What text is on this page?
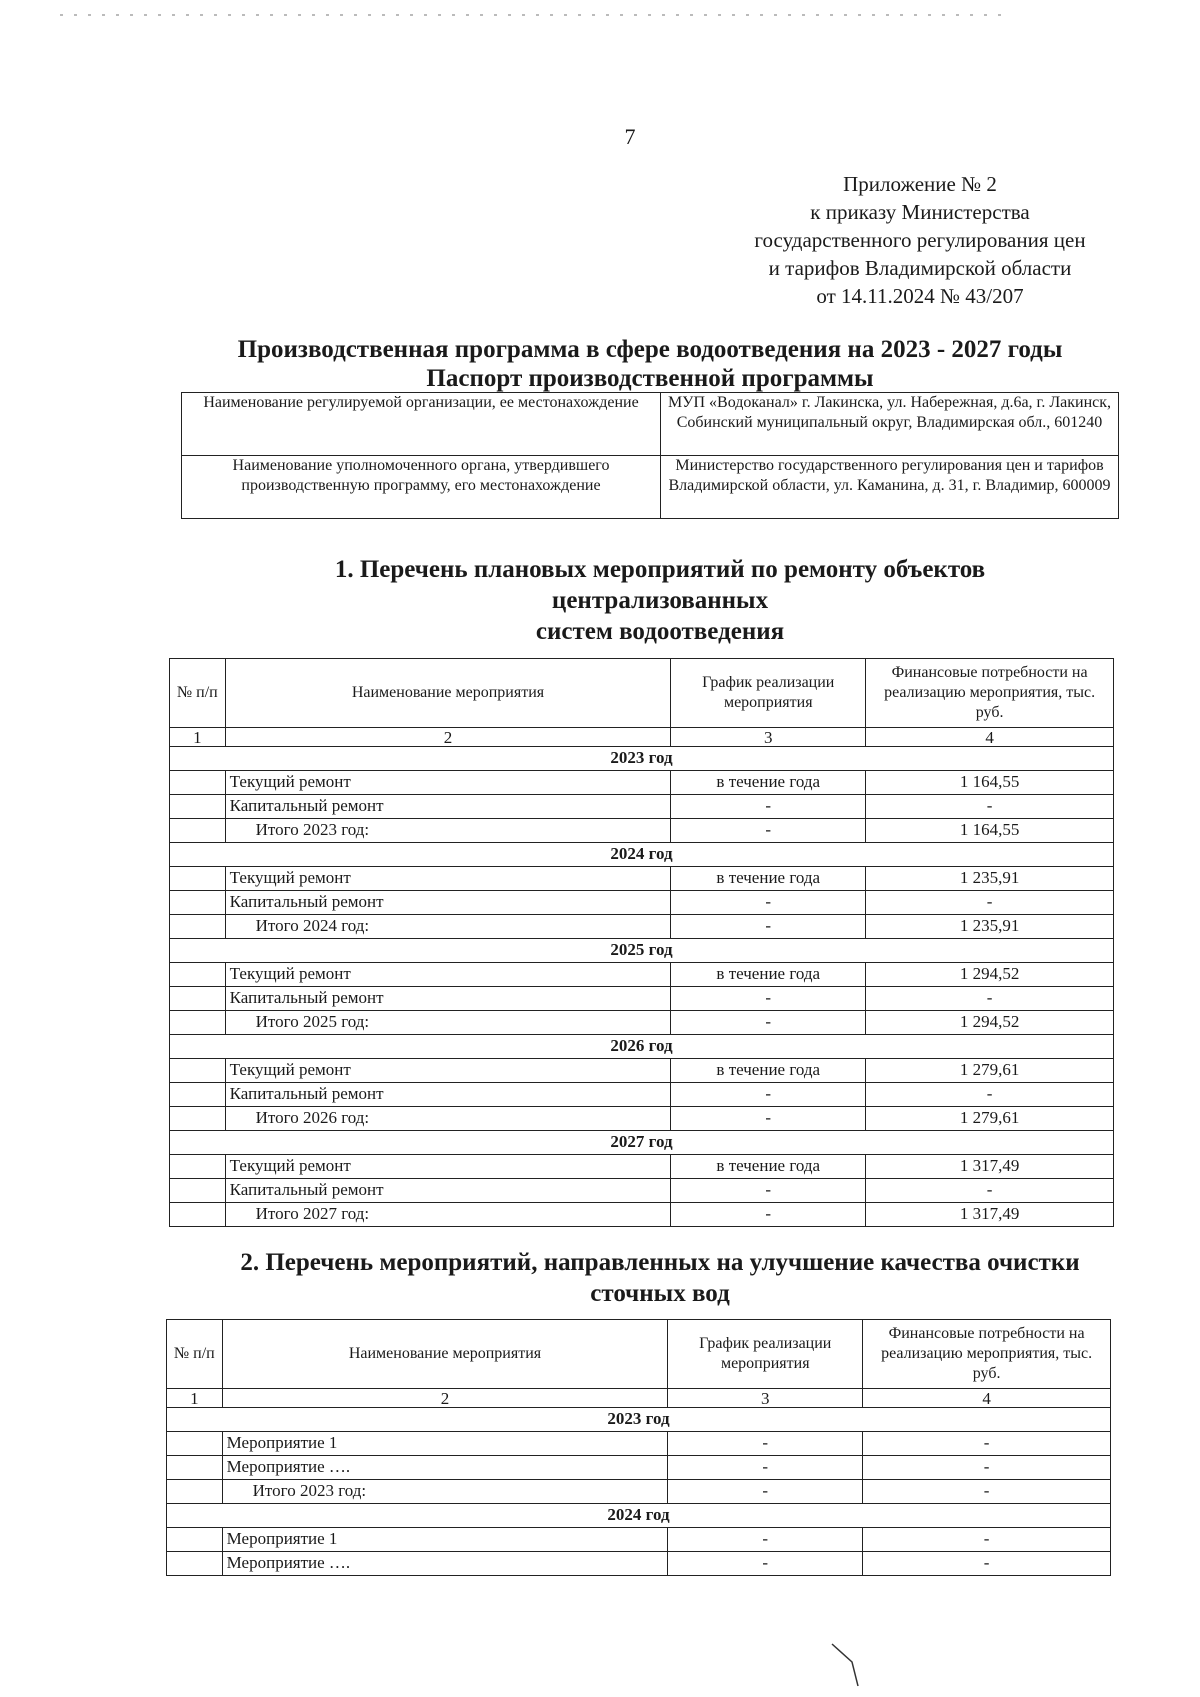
7
Приложение № 2
к приказу Министерства
государственного регулирования цен
и тарифов Владимирской области
от 14.11.2024 № 43/207
Производственная программа в сфере водоотведения на 2023 - 2027 годы
Паспорт производственной программы
Наименование регулируемой организации, ее местонахождение	МУП «Водоканал» г. Лакинска, ул. Набережная, д.6а, г. Лакинск, Собинский муниципальный округ, Владимирская обл., 601240
Наименование уполномоченного органа, утвердившего производственную программу, его местонахождение	Министерство государственного регулирования цен и тарифов Владимирской области, ул. Каманина, д. 31, г. Владимир, 600009
1. Перечень плановых мероприятий по ремонту объектов
централизованных
систем водоотведения
№ п/п	Наименование мероприятия	График реализации мероприятия	Финансовые потребности на реализацию мероприятия, тыс. руб.
1	2	3	4
2023 год			
	Текущий ремонт	в течение года	1 164,55
	Капитальный ремонт	-	-
	Итого 2023 год:	-	1 164,55
2024 год			
	Текущий ремонт	в течение года	1 235,91
	Капитальный ремонт	-	-
	Итого 2024 год:	-	1 235,91
2025 год			
	Текущий ремонт	в течение года	1 294,52
	Капитальный ремонт	-	-
	Итого 2025 год:	-	1 294,52
2026 год			
	Текущий ремонт	в течение года	1 279,61
	Капитальный ремонт	-	-
	Итого 2026 год:	-	1 279,61
2027 год			
	Текущий ремонт	в течение года	1 317,49
	Капитальный ремонт	-	-
	Итого 2027 год:	-	1 317,49
2. Перечень мероприятий, направленных на улучшение качества очистки
сточных вод
№ п/п	Наименование мероприятия	График реализации мероприятия	Финансовые потребности на реализацию мероприятия, тыс. руб.
1	2	3	4
2023 год			
	Мероприятие 1	-	-
	Мероприятие ….	-	-
	Итого 2023 год:	-	-
2024 год			
	Мероприятие 1	-	-
	Мероприятие ….	-	-
